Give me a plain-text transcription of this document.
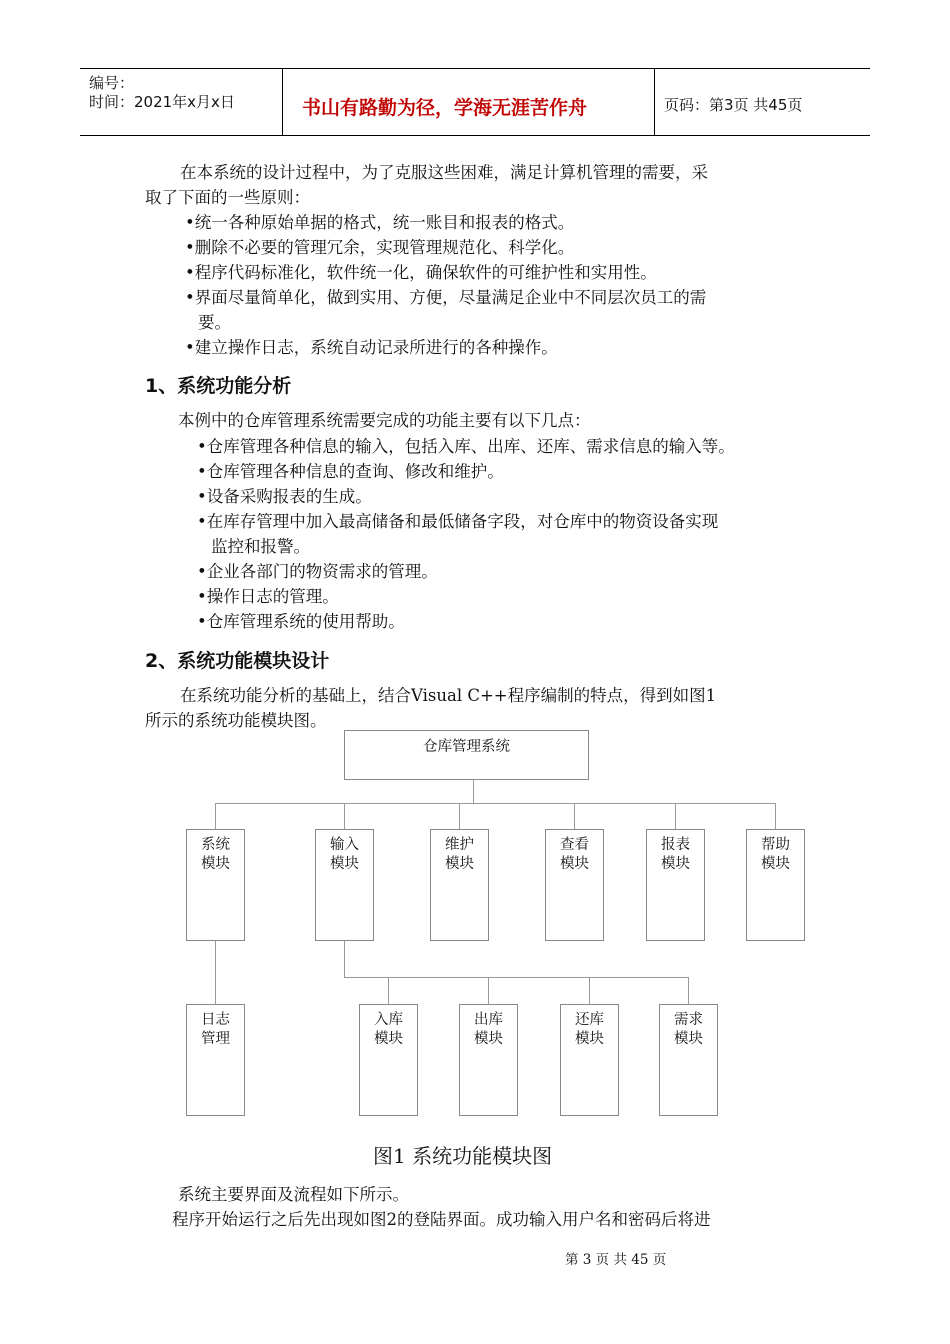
编号：
时间：2021年x月x日	书山有路勤为径，学海无涯苦作舟	页码：第3页 共45页
在本系统的设计过程中，为了克服这些困难，满足计算机管理的需要，采
取了下面的一些原则：
•统一各种原始单据的格式，统一账目和报表的格式。
•删除不必要的管理冗余，实现管理规范化、科学化。
•程序代码标准化，软件统一化，确保软件的可维护性和实用性。
•界面尽量简单化，做到实用、方便，尽量满足企业中不同层次员工的需
要。
•建立操作日志，系统自动记录所进行的各种操作。
1、系统功能分析
本例中的仓库管理系统需要完成的功能主要有以下几点：
•仓库管理各种信息的输入，包括入库、出库、还库、需求信息的输入等。
•仓库管理各种信息的查询、修改和维护。
•设备采购报表的生成。
•在库存管理中加入最高储备和最低储备字段，对仓库中的物资设备实现
监控和报警。
•企业各部门的物资需求的管理。
•操作日志的管理。
•仓库管理系统的使用帮助。
2、系统功能模块设计
在系统功能分析的基础上，结合Visual C++程序编制的特点，得到如图1
所示的系统功能模块图。
仓库管理系统
系统
模块
输入
模块
维护
模块
查看
模块
报表
模块
帮助
模块
日志
管理
入库
模块
出库
模块
还库
模块
需求
模块
图1 系统功能模块图
系统主要界面及流程如下所示。
程序开始运行之后先出现如图2的登陆界面。成功输入用户名和密码后将进
第 3 页 共 45 页
